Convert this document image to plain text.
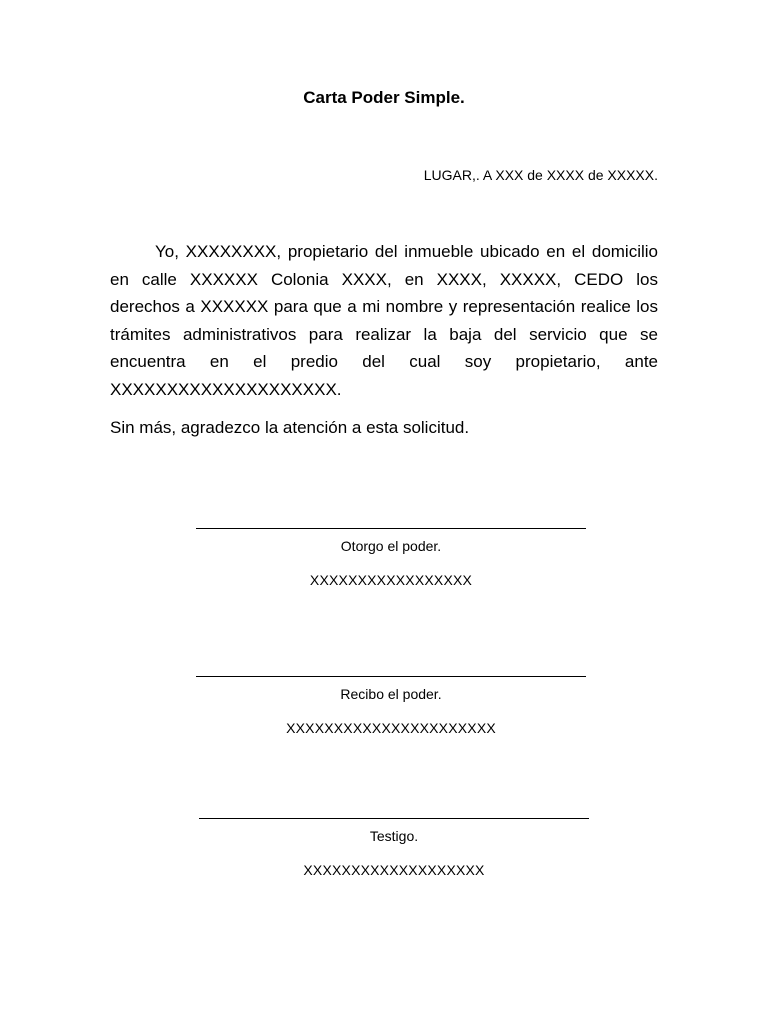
Carta Poder Simple.
LUGAR,. A XXX de XXXX de XXXXX.

Yo, XXXXXXXX, propietario del inmueble ubicado en el domicilio en calle XXXXXX Colonia XXXX, en XXXX, XXXXX, CEDO los derechos a XXXXXX para que a mi nombre y representación realice los trámites administrativos para realizar la baja del servicio que se encuentra en el predio del cual soy propietario, ante XXXXXXXXXXXXXXXXXXXX.

Sin más, agradezco la atención a esta solicitud.

Otorgo el poder.
XXXXXXXXXXXXXXXXX
Recibo el poder.
XXXXXXXXXXXXXXXXXXXXXX
Testigo.
XXXXXXXXXXXXXXXXXXX
